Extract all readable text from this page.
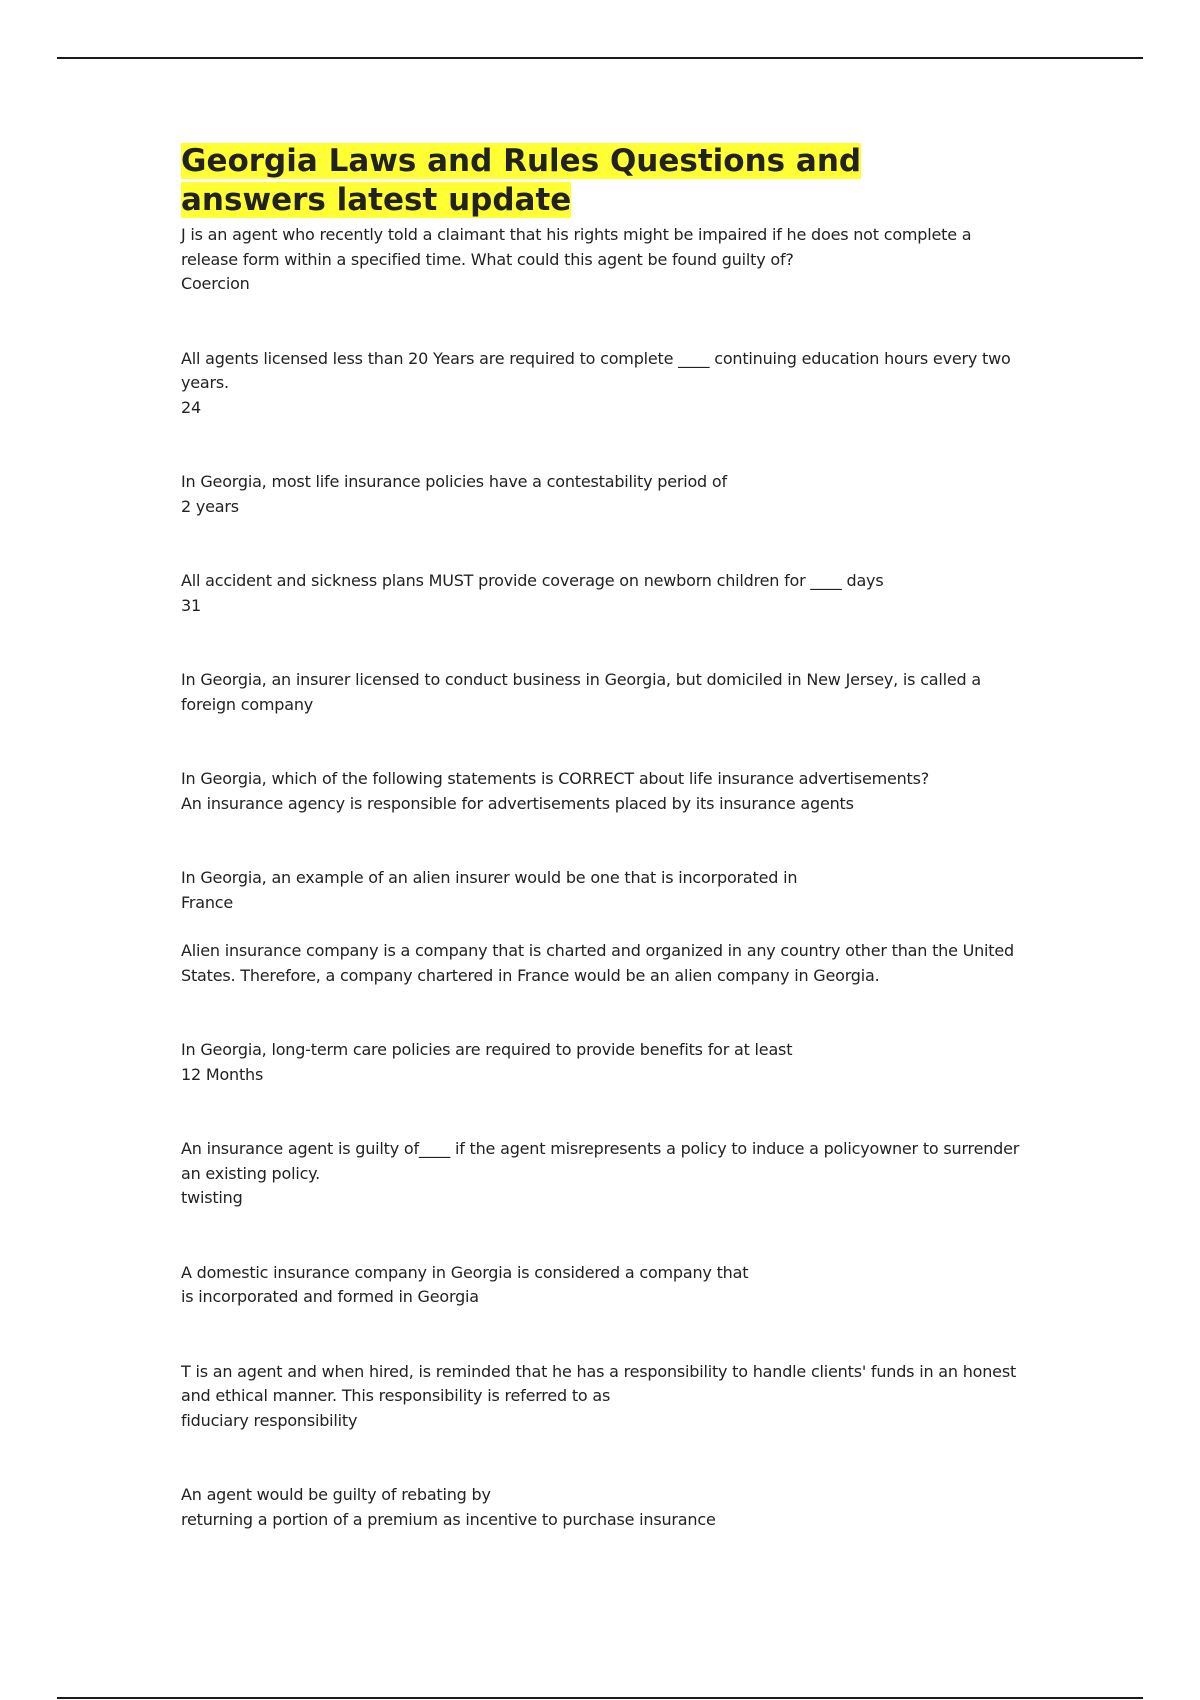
Georgia Laws and Rules Questions and
answers latest update

J is an agent who recently told a claimant that his rights might be impaired if he does not complete a release form within a specified time. What could this agent be found guilty of?

Coercion

All agents licensed less than 20 Years are required to complete ____ continuing education hours every two years.

24

In Georgia, most life insurance policies have a contestability period of

2 years

All accident and sickness plans MUST provide coverage on newborn children for ____ days

31

In Georgia, an insurer licensed to conduct business in Georgia, but domiciled in New Jersey, is called a

foreign company

In Georgia, which of the following statements is CORRECT about life insurance advertisements?

An insurance agency is responsible for advertisements placed by its insurance agents

In Georgia, an example of an alien insurer would be one that is incorporated in

France

Alien insurance company is a company that is charted and organized in any country other than the United States. Therefore, a company chartered in France would be an alien company in Georgia.

In Georgia, long-term care policies are required to provide benefits for at least

12 Months

An insurance agent is guilty of____ if the agent misrepresents a policy to induce a policyowner to surrender an existing policy.

twisting

A domestic insurance company in Georgia is considered a company that

is incorporated and formed in Georgia

T is an agent and when hired, is reminded that he has a responsibility to handle clients' funds in an honest and ethical manner. This responsibility is referred to as

fiduciary responsibility

An agent would be guilty of rebating by

returning a portion of a premium as incentive to purchase insurance
